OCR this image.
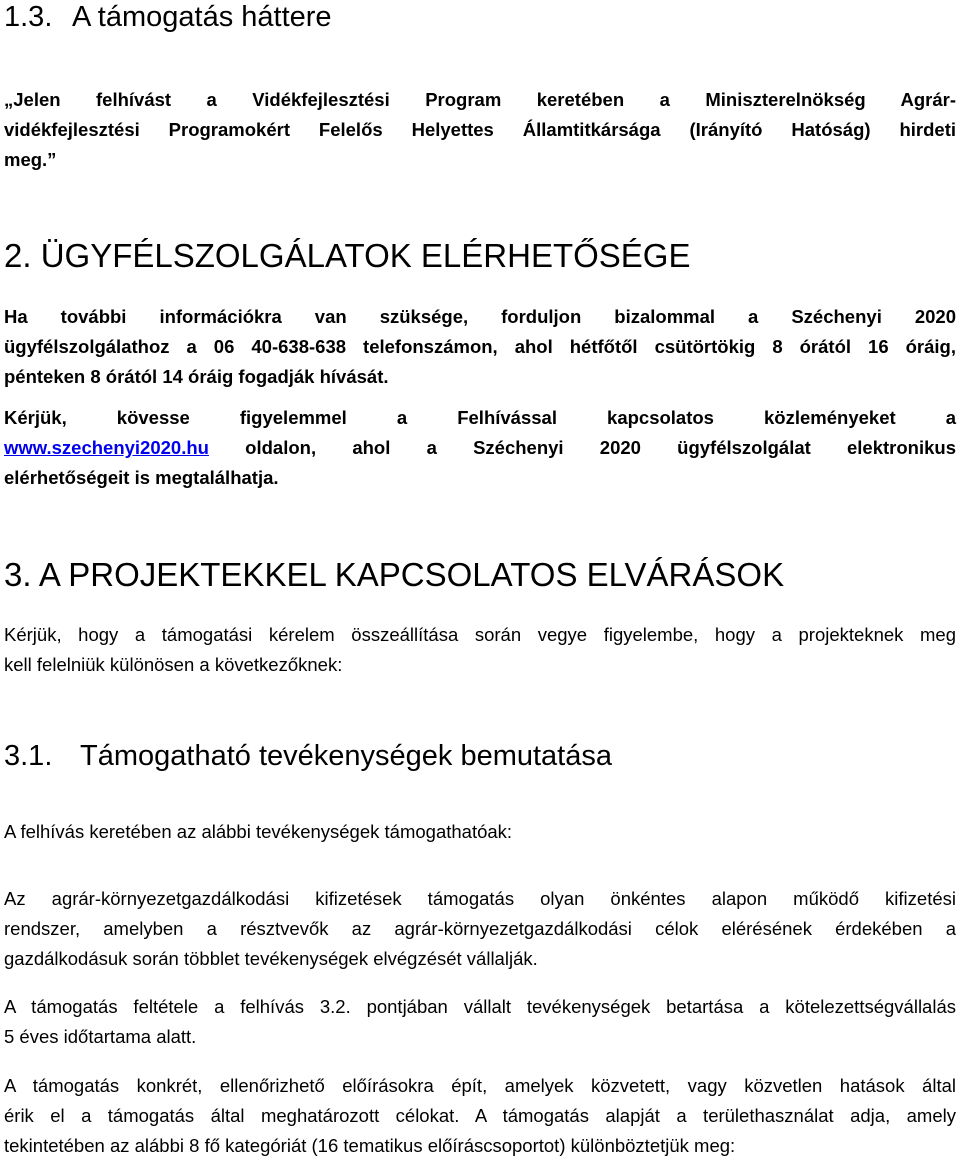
1.3. A támogatás háttere

„Jelen felhívást a Vidékfejlesztési Program keretében a Miniszterelnökség Agrár-
vidékfejlesztési Programokért Felelős Helyettes Államtitkársága (Irányító Hatóság) hirdeti
meg.”

2. ÜGYFÉLSZOLGÁLATOK ELÉRHETŐSÉGE

Ha további információkra van szüksége, forduljon bizalommal a Széchenyi 2020
ügyfélszolgálathoz a 06 40-638-638 telefonszámon, ahol hétfőtől csütörtökig 8 órától 16 óráig,
pénteken 8 órától 14 óráig fogadják hívását.

Kérjük, kövesse figyelemmel a Felhívással kapcsolatos közleményeket a
www.szechenyi2020.hu oldalon, ahol a Széchenyi 2020 ügyfélszolgálat elektronikus
elérhetőségeit is megtalálhatja.

3. A PROJEKTEKKEL KAPCSOLATOS ELVÁRÁSOK

Kérjük, hogy a támogatási kérelem összeállítása során vegye figyelembe, hogy a projekteknek meg
kell felelniük különösen a következőknek:

3.1. Támogatható tevékenységek bemutatása

A felhívás keretében az alábbi tevékenységek támogathatóak:

Az agrár-környezetgazdálkodási kifizetések támogatás olyan önkéntes alapon működő kifizetési
rendszer, amelyben a résztvevők az agrár-környezetgazdálkodási célok elérésének érdekében a
gazdálkodásuk során többlet tevékenységek elvégzését vállalják.

A támogatás feltétele a felhívás 3.2. pontjában vállalt tevékenységek betartása a kötelezettségvállalás
5 éves időtartama alatt.

A támogatás konkrét, ellenőrizhető előírásokra épít, amelyek közvetett, vagy közvetlen hatások által
érik el a támogatás által meghatározott célokat. A támogatás alapját a területhasználat adja, amely
tekintetében az alábbi 8 fő kategóriát (16 tematikus előíráscsoportot) különböztetjük meg:
